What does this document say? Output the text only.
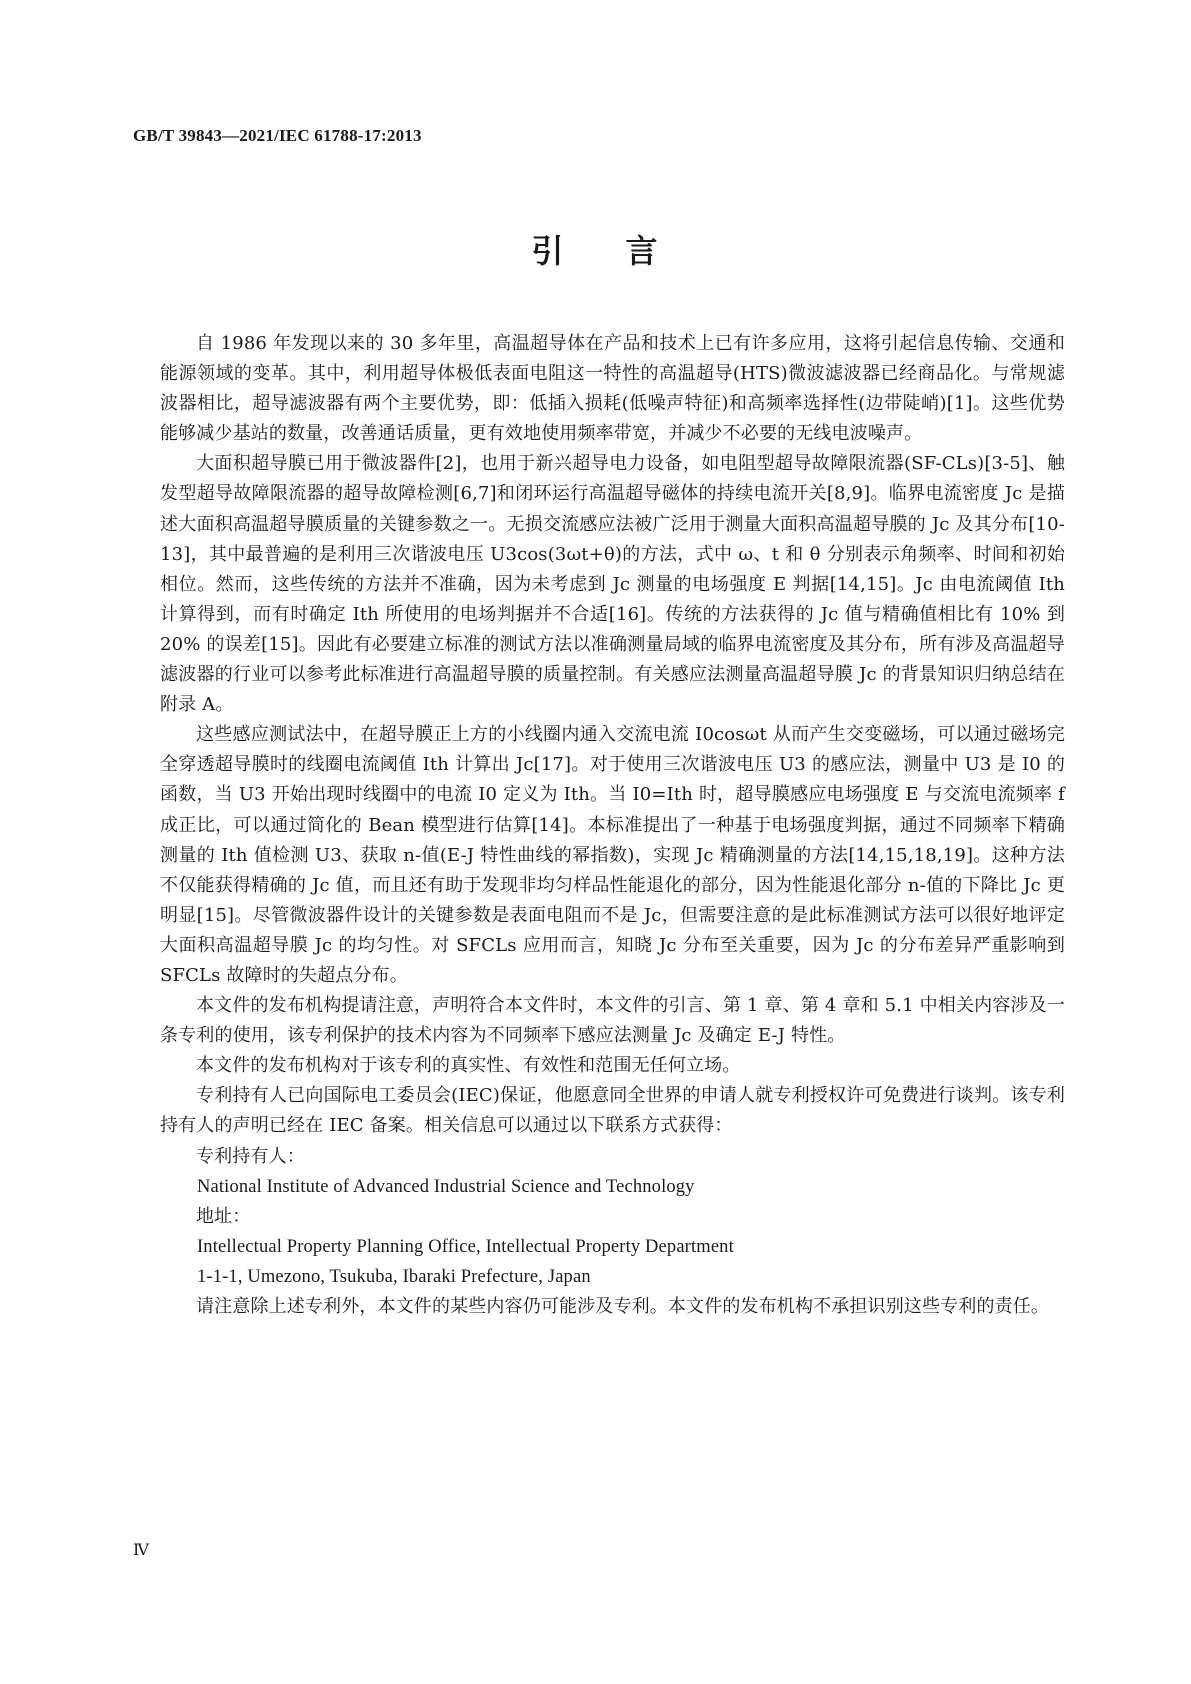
GB/T 39843—2021/IEC 61788-17:2013
引 言

自 1986 年发现以来的 30 多年里，高温超导体在产品和技术上已有许多应用，这将引起信息传输、交通和能源领域的变革。其中，利用超导体极低表面电阻这一特性的高温超导(HTS)微波滤波器已经商品化。与常规滤波器相比，超导滤波器有两个主要优势，即：低插入损耗(低噪声特征)和高频率选择性(边带陡峭)[1]。这些优势能够减少基站的数量，改善通话质量，更有效地使用频率带宽，并减少不必要的无线电波噪声。

大面积超导膜已用于微波器件[2]，也用于新兴超导电力设备，如电阻型超导故障限流器(SF-CLs)[3-5]、触发型超导故障限流器的超导故障检测[6,7]和闭环运行高温超导磁体的持续电流开关[8,9]。临界电流密度 Jc 是描述大面积高温超导膜质量的关键参数之一。无损交流感应法被广泛用于测量大面积高温超导膜的 Jc 及其分布[10-13]，其中最普遍的是利用三次谐波电压 U3cos(3ωt+θ)的方法，式中 ω、t 和 θ 分别表示角频率、时间和初始相位。然而，这些传统的方法并不准确，因为未考虑到 Jc 测量的电场强度 E 判据[14,15]。Jc 由电流阈值 Ith 计算得到，而有时确定 Ith 所使用的电场判据并不合适[16]。传统的方法获得的 Jc 值与精确值相比有 10% 到 20% 的误差[15]。因此有必要建立标准的测试方法以准确测量局域的临界电流密度及其分布，所有涉及高温超导滤波器的行业可以参考此标准进行高温超导膜的质量控制。有关感应法测量高温超导膜 Jc 的背景知识归纳总结在附录 A。

这些感应测试法中，在超导膜正上方的小线圈内通入交流电流 I0cosωt 从而产生交变磁场，可以通过磁场完全穿透超导膜时的线圈电流阈值 Ith 计算出 Jc[17]。对于使用三次谐波电压 U3 的感应法，测量中 U3 是 I0 的函数，当 U3 开始出现时线圈中的电流 I0 定义为 Ith。当 I0=Ith 时，超导膜感应电场强度 E 与交流电流频率 f 成正比，可以通过简化的 Bean 模型进行估算[14]。本标准提出了一种基于电场强度判据，通过不同频率下精确测量的 Ith 值检测 U3、获取 n-值(E-J 特性曲线的幂指数)，实现 Jc 精确测量的方法[14,15,18,19]。这种方法不仅能获得精确的 Jc 值，而且还有助于发现非均匀样品性能退化的部分，因为性能退化部分 n-值的下降比 Jc 更明显[15]。尽管微波器件设计的关键参数是表面电阻而不是 Jc，但需要注意的是此标准测试方法可以很好地评定大面积高温超导膜 Jc 的均匀性。对 SFCLs 应用而言，知晓 Jc 分布至关重要，因为 Jc 的分布差异严重影响到 SFCLs 故障时的失超点分布。

本文件的发布机构提请注意，声明符合本文件时，本文件的引言、第 1 章、第 4 章和 5.1 中相关内容涉及一条专利的使用，该专利保护的技术内容为不同频率下感应法测量 Jc 及确定 E-J 特性。

本文件的发布机构对于该专利的真实性、有效性和范围无任何立场。

专利持有人已向国际电工委员会(IEC)保证，他愿意同全世界的申请人就专利授权许可免费进行谈判。该专利持有人的声明已经在 IEC 备案。相关信息可以通过以下联系方式获得：

专利持有人：

National Institute of Advanced Industrial Science and Technology

地址：

Intellectual Property Planning Office, Intellectual Property Department

1-1-1, Umezono, Tsukuba, Ibaraki Prefecture, Japan

请注意除上述专利外，本文件的某些内容仍可能涉及专利。本文件的发布机构不承担识别这些专利的责任。

Ⅳ
